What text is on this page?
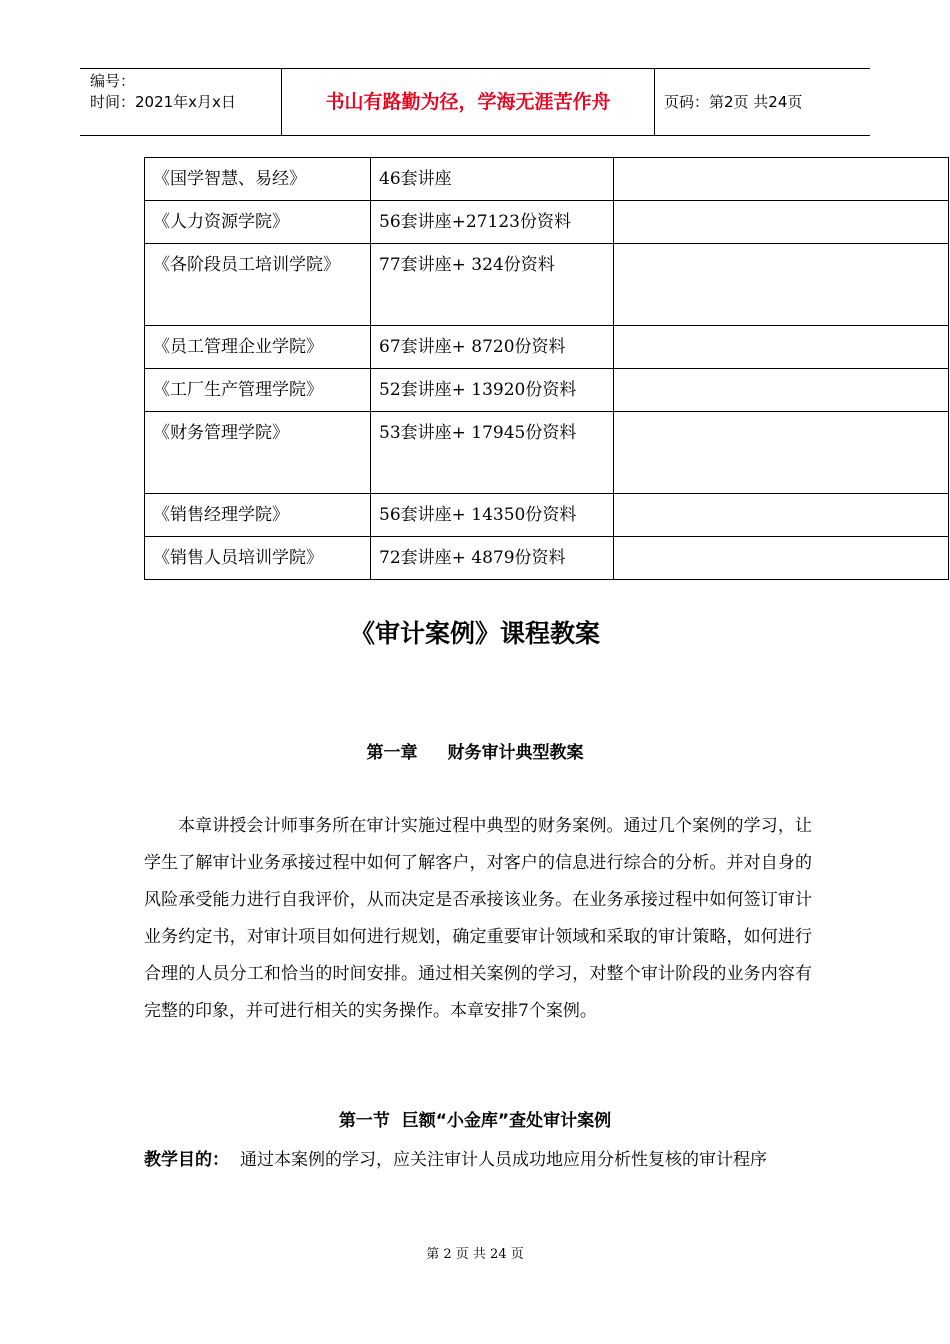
编号：
时间：2021年x月x日	书山有路勤为径，学海无涯苦作舟	页码：第2页 共24页
《国学智慧、易经》	46套讲座	
《人力资源学院》	56套讲座+27123份资料	
《各阶段员工培训学院》	77套讲座+ 324份资料	
《员工管理企业学院》	67套讲座+ 8720份资料	
《工厂生产管理学院》	52套讲座+ 13920份资料	
《财务管理学院》	53套讲座+ 17945份资料	
《销售经理学院》	56套讲座+ 14350份资料	
《销售人员培训学院》	72套讲座+ 4879份资料	
《审计案例》课程教案
第一章 财务审计典型教案

本章讲授会计师事务所在审计实施过程中典型的财务案例。通过几个案例的学习，让学生了解审计业务承接过程中如何了解客户，对客户的信息进行综合的分析。并对自身的风险承受能力进行自我评价，从而决定是否承接该业务。在业务承接过程中如何签订审计业务约定书，对审计项目如何进行规划，确定重要审计领域和采取的审计策略，如何进行合理的人员分工和恰当的时间安排。通过相关案例的学习，对整个审计阶段的业务内容有完整的印象，并可进行相关的实务操作。本章安排7个案例。

第一节  巨额“小金库”查处审计案例
教学目的： 通过本案例的学习，应关注审计人员成功地应用分析性复核的审计程序
第 2 页 共 24 页
